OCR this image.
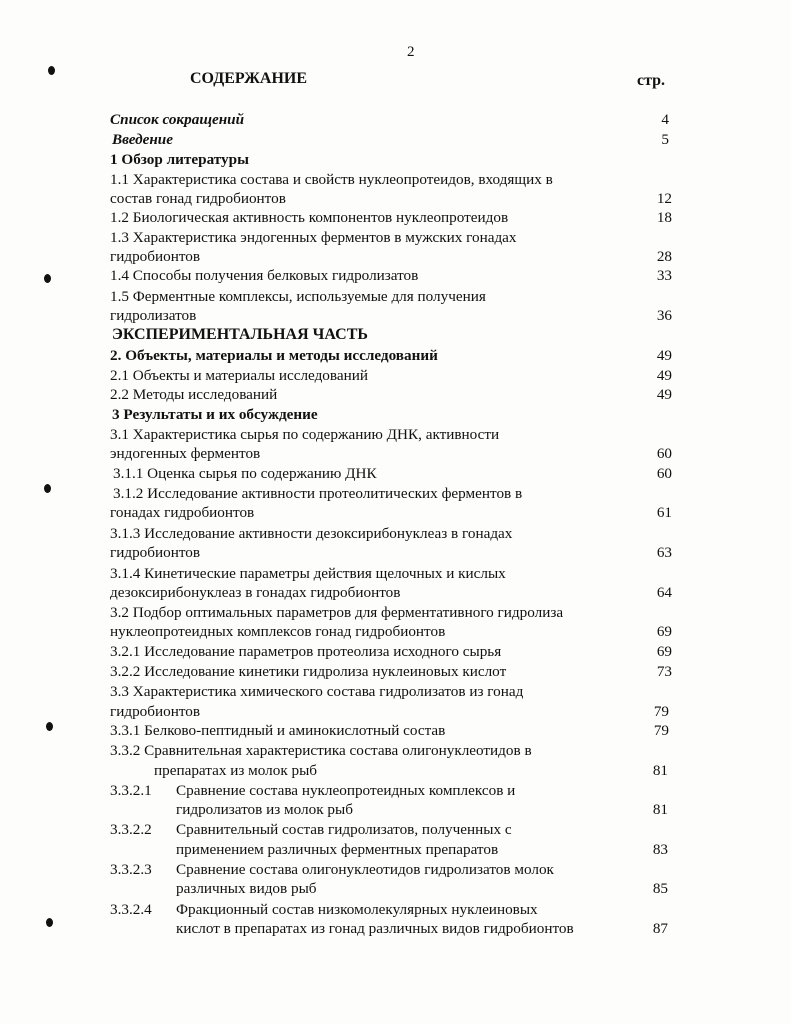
2
СОДЕРЖАНИЕ	стр.
Список сокращений
Введение
1 Обзор литературы
1.1 Характеристика состава и свойств нуклеопротеидов, входящих в
состав гонад гидробионтов
1.2 Биологическая активность компонентов нуклеопротеидов
1.3 Характеристика эндогенных ферментов в мужских гонадах
гидробионтов
1.4 Способы получения белковых гидролизатов
1.5 Ферментные комплексы, используемые для получения
гидролизатов
ЭКСПЕРИМЕНТАЛЬНАЯ ЧАСТЬ
2. Объекты, материалы и методы исследований
2.1 Объекты и материалы исследований
2.2 Методы исследований
3 Результаты и их обсуждение
3.1 Характеристика сырья по содержанию ДНК, активности
эндогенных ферментов
3.1.1 Оценка сырья по содержанию ДНК
3.1.2 Исследование активности протеолитических ферментов в
гонадах гидробионтов
3.1.3 Исследование активности дезоксирибонуклеаз в гонадах
гидробионтов
3.1.4 Кинетические параметры действия щелочных и кислых
дезоксирибонуклеаз в гонадах гидробионтов
3.2 Подбор оптимальных параметров для ферментативного гидролиза
нуклеопротеидных комплексов гонад гидробионтов
3.2.1 Исследование параметров протеолиза исходного сырья
3.2.2 Исследование кинетики гидролиза нуклеиновых кислот
3.3 Характеристика химического состава гидролизатов из гонад
гидробионтов
3.3.1 Белково-пептидный и аминокислотный состав
3.3.2 Сравнительная характеристика состава олигонуклеотидов в
препаратах из молок рыб
3.3.2.1 Сравнение состава нуклеопротеидных комплексов и
гидролизатов из молок рыб
3.3.2.2 Сравнительный состав гидролизатов, полученных с
применением различных ферментных препаратов
3.3.2.3 Сравнение состава олигонуклеотидов гидролизатов молок
различных видов рыб
3.3.2.4 Фракционный состав низкомолекулярных нуклеиновых
кислот в препаратах из гонад различных видов гидробионтов
4
5
12
18
28
33
36
49
49
49
60
60
61
63
64
69
69
73
79
79
81
81
83
85
87
